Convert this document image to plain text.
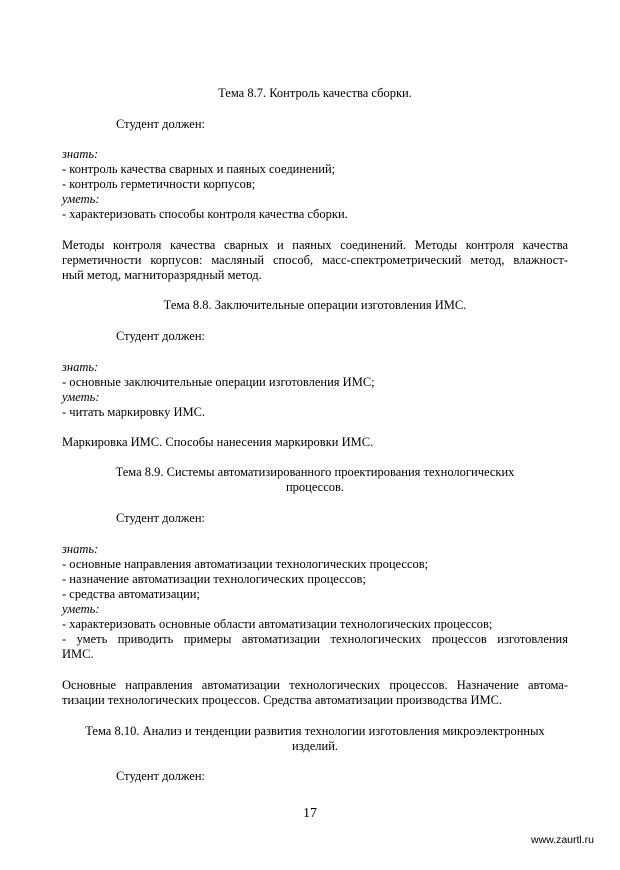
Тема 8.7. Контроль качества сборки.
Студент должен:
знать:
- контроль качества сварных и паяных соединений;
- контроль герметичности корпусов;
уметь:
- характеризовать способы контроля качества сборки.
Методы контроля качества сварных и паяных соединений. Методы контроля качества
герметичности корпусов: масляный способ, масс-спектрометрический метод, влажност-
ный метод, магниторазрядный метод.
Тема 8.8. Заключительные операции изготовления ИМС.
Студент должен:
знать:
- основные заключительные операции изготовления ИМС;
уметь:
- читать маркировку ИМС.
Маркировка ИМС. Способы нанесения маркировки ИМС.
Тема 8.9. Системы автоматизированного проектирования технологических
процессов.
Студент должен:
знать:
- основные направления автоматизации технологических процессов;
- назначение автоматизации технологических процессов;
- средства автоматизации;
уметь:
- характеризовать основные области автоматизации технологических процессов;
- уметь приводить примеры автоматизации технологических процессов изготовления
ИМС.
Основные направления автоматизации технологических процессов. Назначение автома-
тизации технологических процессов. Средства автоматизации производства ИМС.
Тема 8.10. Анализ и тенденции развития технологии изготовления микроэлектронных
изделий.
Студент должен:
17
www.zaurtl.ru
